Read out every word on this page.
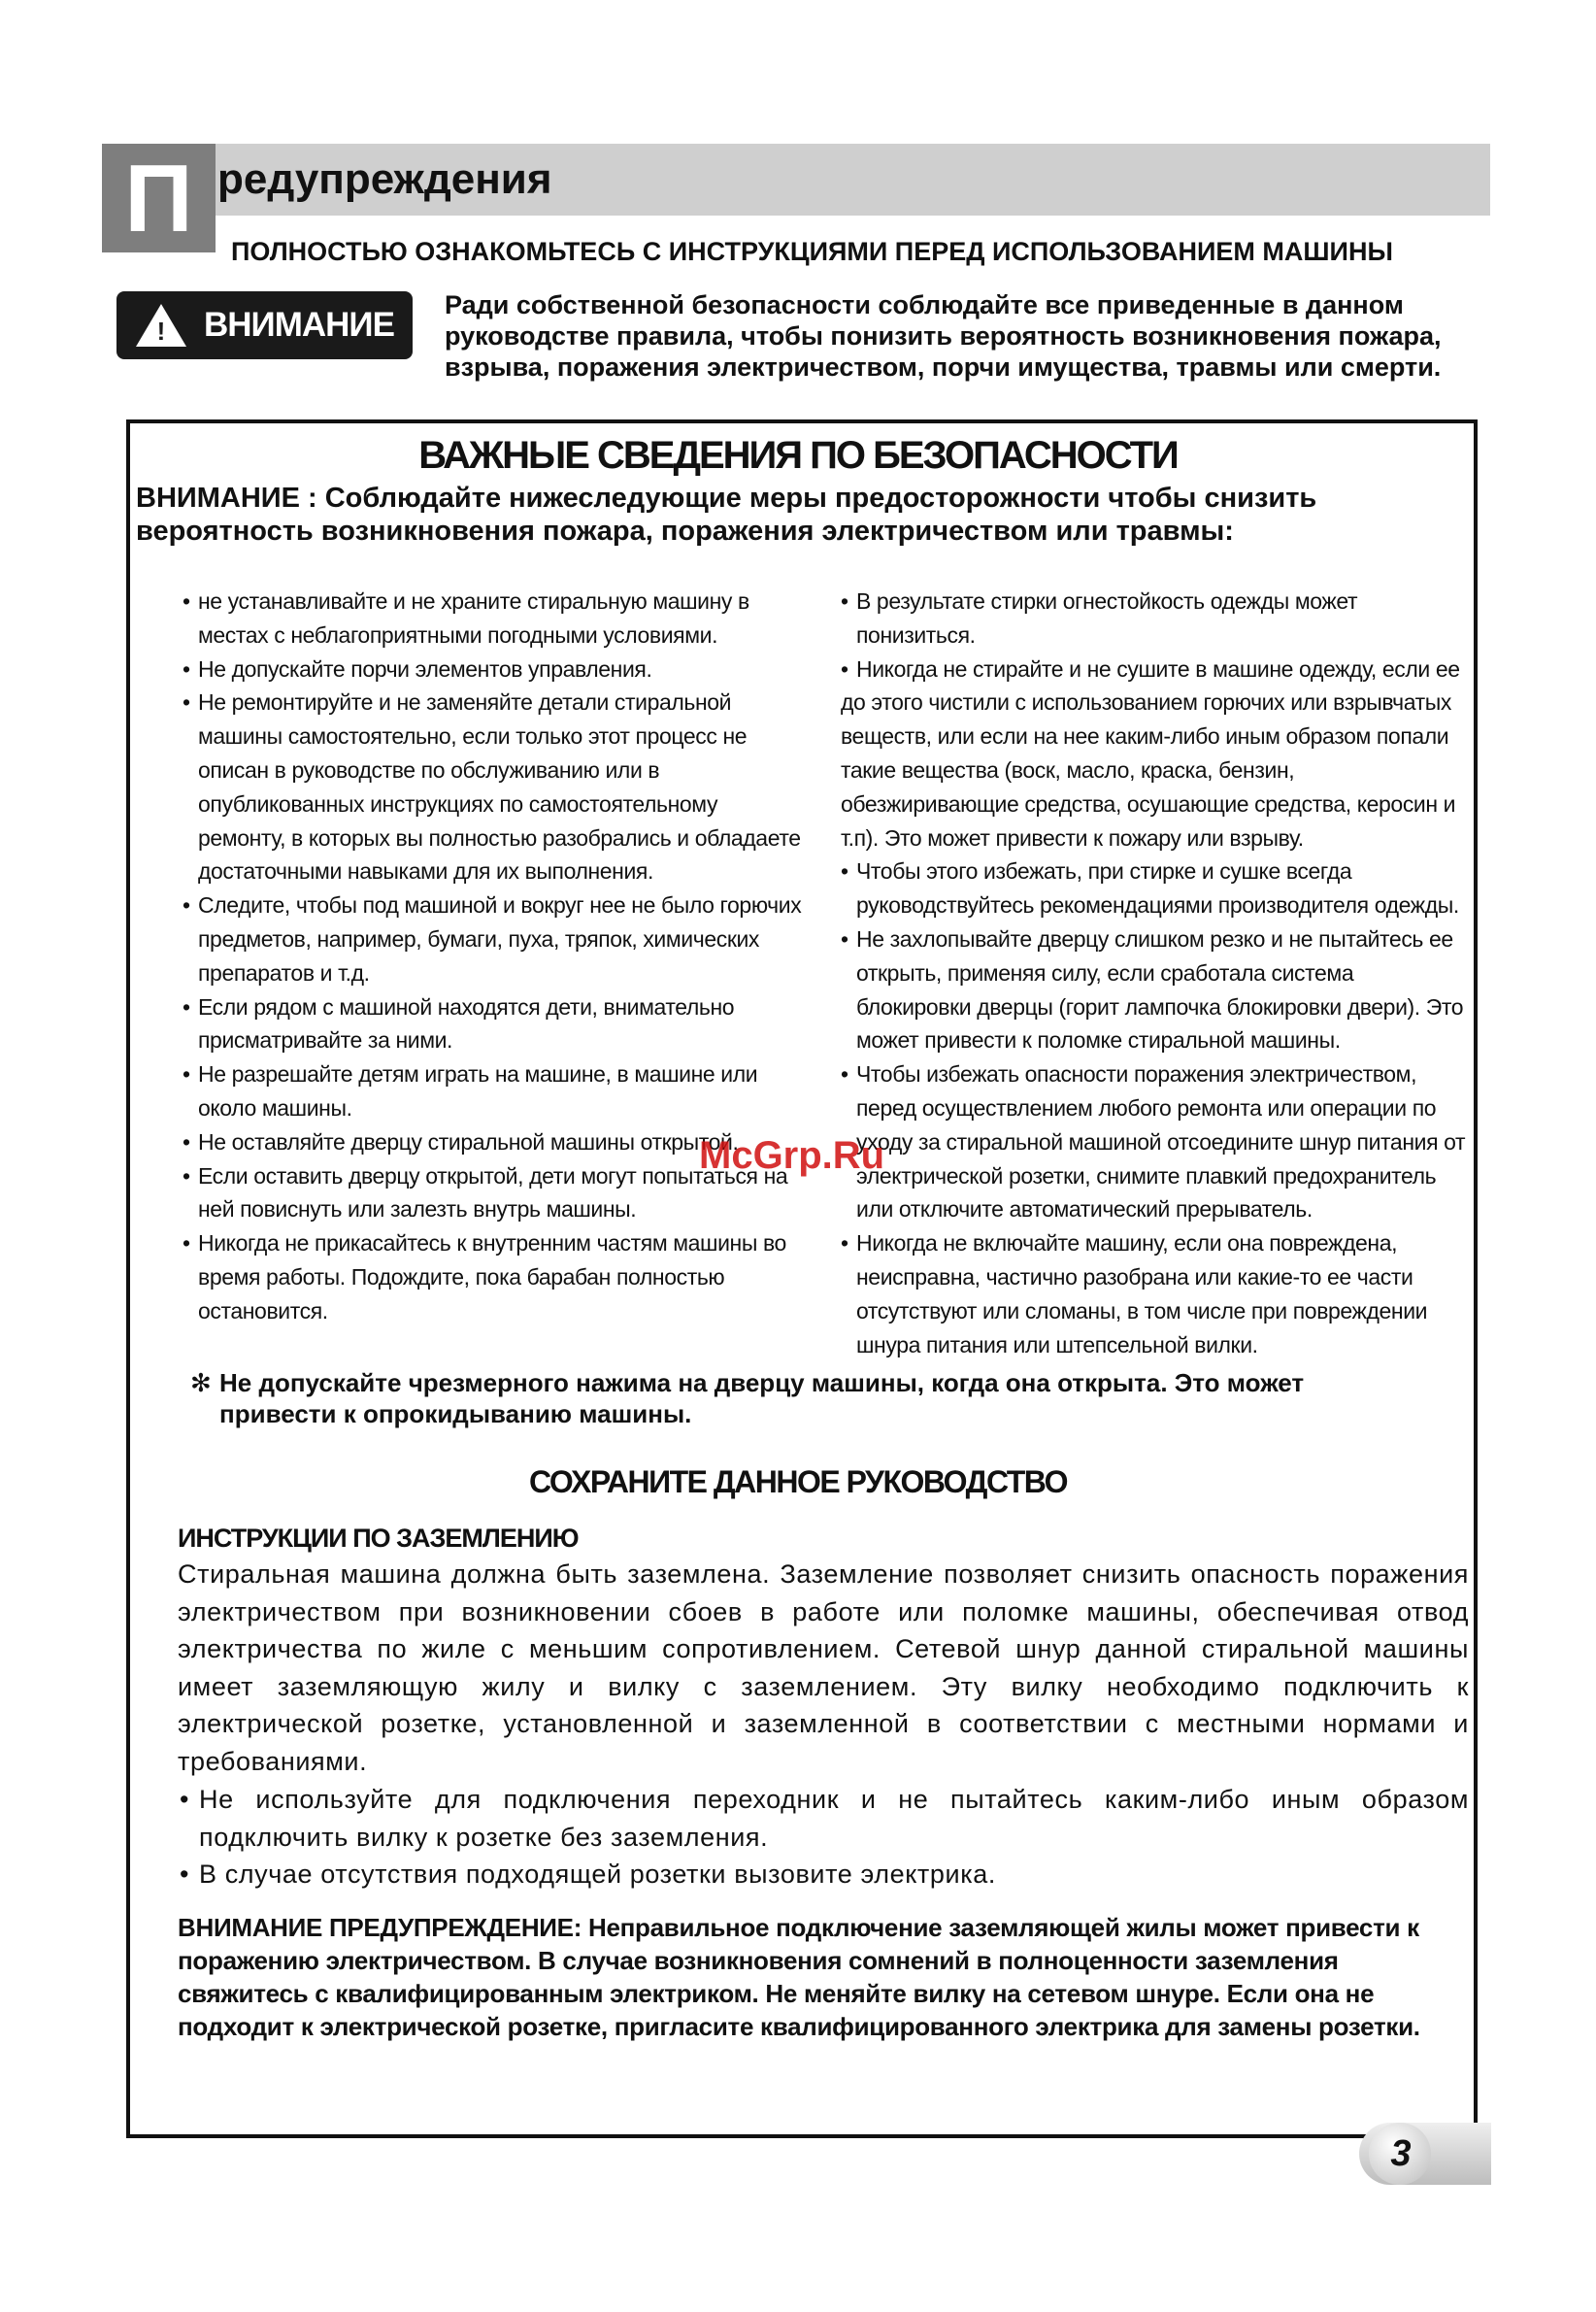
П редупреждения
ПОЛНОСТЬЮ ОЗНАКОМЬТЕСЬ С ИНСТРУКЦИЯМИ ПЕРЕД ИСПОЛЬЗОВАНИЕМ МАШИНЫ
! ВНИМАНИЕ
Ради собственной безопасности соблюдайте все приведенные в данном руководстве правила, чтобы понизить вероятность возникновения пожара, взрыва, поражения электричеством, порчи имущества, травмы или смерти.
ВАЖНЫЕ СВЕДЕНИЯ ПО БЕЗОПАСНОСТИ
ВНИМАНИЕ : Соблюдайте нижеследующие меры предосторожности чтобы снизить вероятность возникновения пожара, поражения электричеством или травмы:
• не устанавливайте и не храните стиральную машину в местах с неблагоприятными погодными условиями.
• Не допускайте порчи элементов управления.
• Не ремонтируйте и не заменяйте детали стиральной машины самостоятельно, если только этот процесс не описан в руководстве по обслуживанию или в опубликованных инструкциях по самостоятельному ремонту, в которых вы полностью разобрались и обладаете достаточными навыками для их выполнения.
• Следите, чтобы под машиной и вокруг нее не было горючих предметов, например, бумаги, пуха, тряпок, химических препаратов и т.д.
• Если рядом с машиной находятся дети, внимательно присматривайте за ними.
• Не разрешайте детям играть на машине, в машине или около машины.
• Не оставляйте дверцу стиральной машины открытой.
• Если оставить дверцу открытой, дети могут попытаться на ней повиснуть или залезть внутрь машины.
• Никогда не прикасайтесь к внутренним частям машины во время работы. Подождите, пока барабан полностью остановится.
• В результате стирки огнестойкость одежды может понизиться.
• Никогда не стирайте и не сушите в машине одежду, если ее
до этого чистили с использованием горючих или взрывчатых веществ, или если на нее каким-либо иным образом попали такие вещества (воск, масло, краска, бензин, обезжиривающие средства, осушающие средства, керосин и т.п). Это может привести к пожару или взрыву.
• Чтобы этого избежать, при стирке и сушке всегда руководствуйтесь рекомендациями производителя одежды.
• Не захлопывайте дверцу слишком резко и не пытайтесь ее открыть, применяя силу, если сработала система блокировки дверцы (горит лампочка блокировки двери). Это может привести к поломке стиральной машины.
• Чтобы избежать опасности поражения электричеством, перед осуществлением любого ремонта или операции по уходу за стиральной машиной отсоедините шнур питания от электрической розетки, снимите плавкий предохранитель или отключите автоматический прерыватель.
• Никогда не включайте машину, если она повреждена, неисправна, частично разобрана или какие-то ее части отсутствуют или сломаны, в том числе при повреждении шнура питания или штепсельной вилки.
✻ Не допускайте чрезмерного нажима на дверцу машины, когда она открыта. Это может привести к опрокидыванию машины.
СОХРАНИТЕ ДАННОЕ РУКОВОДСТВО
ИНСТРУКЦИИ ПО ЗАЗЕМЛЕНИЮ

Стиральная машина должна быть заземлена. Заземление позволяет снизить опасность поражения электричеством при возникновении сбоев в работе или поломке машины, обеспечивая отвод электричества по жиле с меньшим сопротивлением. Сетевой шнур данной стиральной машины имеет заземляющую жилу и вилку с заземлением. Эту вилку необходимо подключить к электрической розетке, установленной и заземленной в соответствии с местными нормами и требованиями.

• Не используйте для подключения переходник и не пытайтесь каким-либо иным образом подключить вилку к розетке без заземления.
• В случае отсутствия подходящей розетки вызовите электрика.
ВНИМАНИЕ ПРЕДУПРЕЖДЕНИЕ: Неправильное подключение заземляющей жилы может привести к поражению электричеством. В случае возникновения сомнений в полноценности заземления свяжитесь с квалифицированным электриком. Не меняйте вилку на сетевом шнуре. Если она не подходит к электрической розетке, пригласите квалифицированного электрика для замены розетки.
3
McGrp.Ru
